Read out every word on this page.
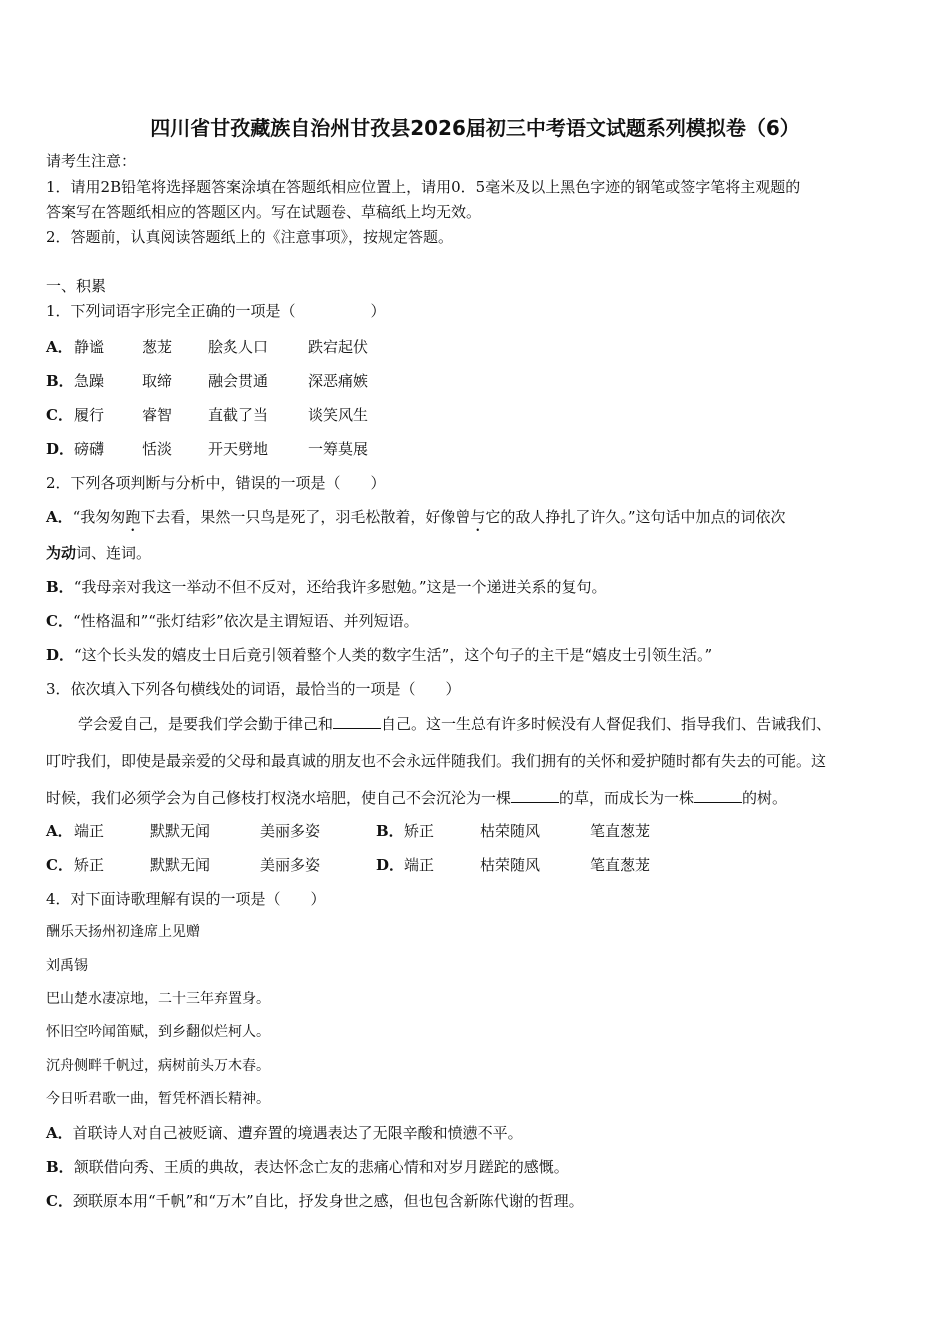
四川省甘孜藏族自治州甘孜县2026届初三中考语文试题系列模拟卷（6）
请考生注意：
1．请用2B铅笔将选择题答案涂填在答题纸相应位置上，请用0．5毫米及以上黑色字迹的钢笔或签字笔将主观题的
答案写在答题纸相应的答题区内。写在试题卷、草稿纸上均无效。
2．答题前，认真阅读答题纸上的《注意事项》，按规定答题。
一、积累
1．下列词语字形完全正确的一项是（　　　　　）
A．静谧	葱茏 脍炙人口	跌宕起伏
B．急躁	取缔 融会贯通	深恶痛嫉
C．履行	睿智 直截了当	谈笑风生
D．磅礴	恬淡 开天劈地	一筹莫展
2．下列各项判断与分析中，错误的一项是（　　）
A．“我匆匆跑下去看，果然一只鸟是死了，羽毛松散着，好像曾与它的敌人挣扎了许久。”这句话中加点的词依次
为动词、连词。
B．“我母亲对我这一举动不但不反对，还给我许多慰勉。”这是一个递进关系的复句。
C．“性格温和”“张灯结彩”依次是主谓短语、并列短语。
D．“这个长头发的嬉皮士日后竟引领着整个人类的数字生活”，这个句子的主干是“嬉皮士引领生活。”
3．依次填入下列各句横线处的词语，最恰当的一项是（　　）
学会爱自己，是要我们学会勤于律己和	自己。这一生总有许多时候没有人督促我们、指导我们、告诫我们、
叮咛我们，即使是最亲爱的父母和最真诚的朋友也不会永远伴随我们。我们拥有的关怀和爱护随时都有失去的可能。这
时候，我们必须学会为自己修枝打杈浇水培肥，使自己不会沉沦为一棵	的草，而成长为一株	的树。
A．端正	默默无闻	美丽多姿	B．矫正	枯荣随风	笔直葱茏
C．矫正	默默无闻	美丽多姿	D．端正	枯荣随风	笔直葱茏
4．对下面诗歌理解有误的一项是（　　）
酬乐天扬州初逢席上见赠
刘禹锡
巴山楚水凄凉地，二十三年弃置身。
怀旧空吟闻笛赋，到乡翻似烂柯人。
沉舟侧畔千帆过，病树前头万木春。
今日听君歌一曲，暂凭杯酒长精神。
A．首联诗人对自己被贬谪、遭弃置的境遇表达了无限辛酸和愤懑不平。
B．颔联借向秀、王质的典故，表达怀念亡友的悲痛心情和对岁月蹉跎的感慨。
C．颈联原本用“千帆”和“万木”自比，抒发身世之感，但也包含新陈代谢的哲理。
